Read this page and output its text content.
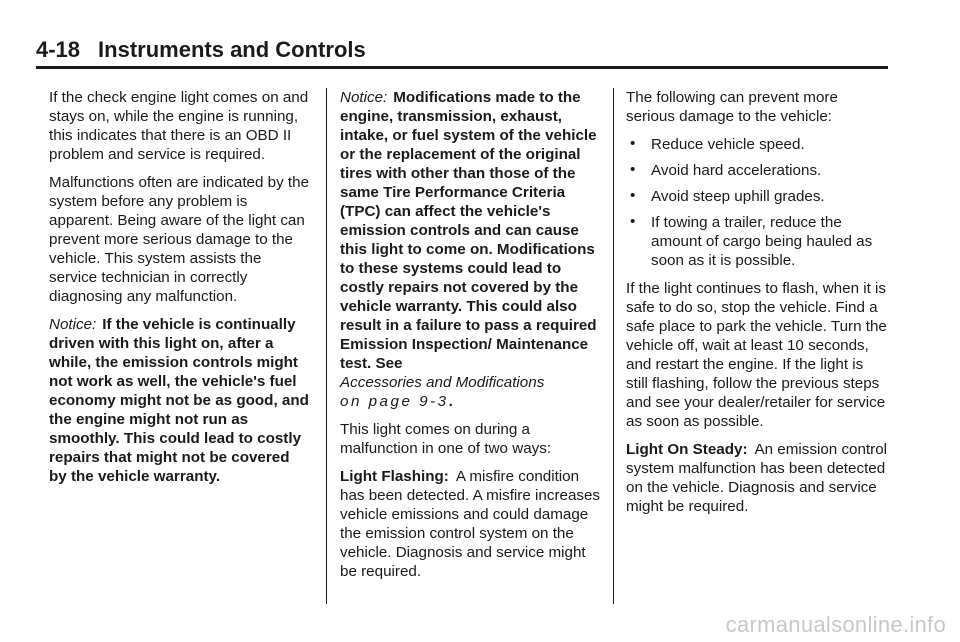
4-18 Instruments and Controls

If the check engine light comes on and stays on, while the engine is running, this indicates that there is an OBD II problem and service is required.

Malfunctions often are indicated by the system before any problem is apparent. Being aware of the light can prevent more serious damage to the vehicle. This system assists the service technician in correctly diagnosing any malfunction.

Notice: If the vehicle is continually driven with this light on, after a while, the emission controls might not work as well, the vehicle's fuel economy might not be as good, and the engine might not run as smoothly. This could lead to costly repairs that might not be covered by the vehicle warranty.

Notice: Modifications made to the engine, transmission, exhaust, intake, or fuel system of the vehicle or the replacement of the original tires with other than those of the same Tire Performance Criteria (TPC) can affect the vehicle's emission controls and can cause this light to come on. Modifications to these systems could lead to costly repairs not covered by the vehicle warranty. This could also result in a failure to pass a required Emission Inspection/ Maintenance test. See
Accessories and Modifications
on page 9-3.

This light comes on during a malfunction in one of two ways:

Light Flashing: A misfire condition has been detected. A misfire increases vehicle emissions and could damage the emission control system on the vehicle. Diagnosis and service might be required.

The following can prevent more serious damage to the vehicle:

• Reduce vehicle speed.
• Avoid hard accelerations.
• Avoid steep uphill grades.
• If towing a trailer, reduce the amount of cargo being hauled as soon as it is possible.

If the light continues to flash, when it is safe to do so, stop the vehicle. Find a safe place to park the vehicle. Turn the vehicle off, wait at least 10 seconds, and restart the engine. If the light is still flashing, follow the previous steps and see your dealer/retailer for service as soon as possible.

Light On Steady: An emission control system malfunction has been detected on the vehicle. Diagnosis and service might be required.

carmanualsonline.info
